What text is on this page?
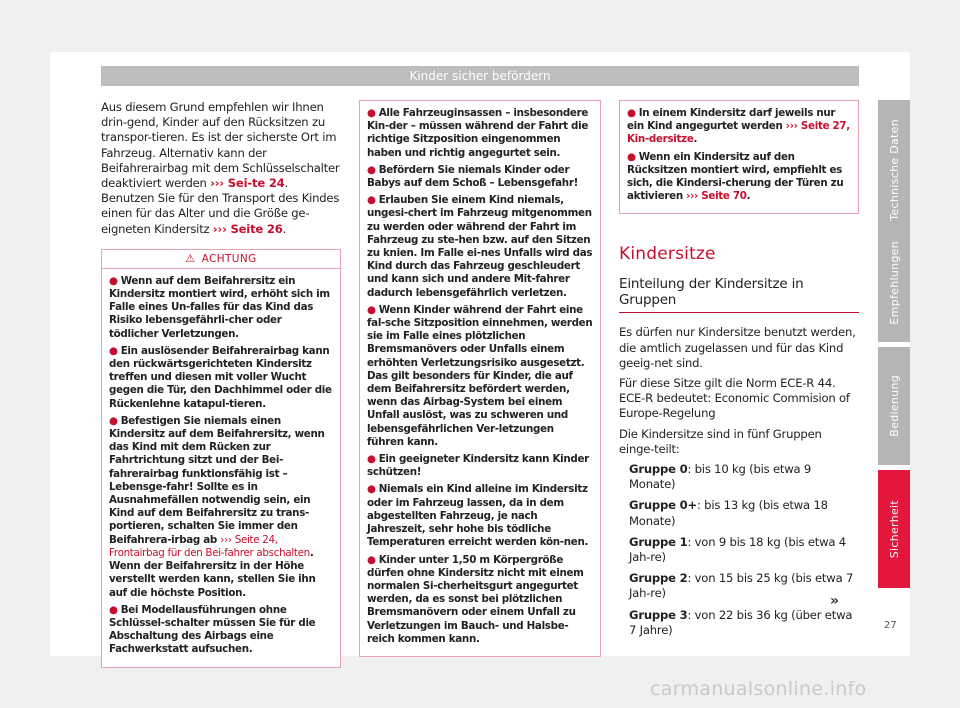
Kinder sicher befördern

Aus diesem Grund empfehlen wir Ihnen drin-gend, Kinder auf den Rücksitzen zu transpor-tieren. Es ist der sicherste Ort im Fahrzeug. Alternativ kann der Beifahrerairbag mit dem Schlüsselschalter deaktiviert werden ››› Sei-te 24. Benutzen Sie für den Transport des Kindes einen für das Alter und die Größe ge-eigneten Kindersitz ››› Seite 26.

⚠ ACHTUNG
● Wenn auf dem Beifahrersitz ein Kindersitz montiert wird, erhöht sich im Falle eines Un-falles für das Kind das Risiko lebensgefährli-cher oder tödlicher Verletzungen.
● Ein auslösender Beifahrerairbag kann den rückwärtsgerichteten Kindersitz treffen und diesen mit voller Wucht gegen die Tür, den Dachhimmel oder die Rückenlehne katapul-tieren.
● Befestigen Sie niemals einen Kindersitz auf dem Beifahrersitz, wenn das Kind mit dem Rücken zur Fahrtrichtung sitzt und der Bei-fahrerairbag funktionsfähig ist – Lebensge-fahr! Sollte es in Ausnahmefällen notwendig sein, ein Kind auf dem Beifahrersitz zu trans-portieren, schalten Sie immer den Beifahrera-irbag ab ››› Seite 24, Frontairbag für den Bei-fahrer abschalten. Wenn der Beifahrersitz in der Höhe verstellt werden kann, stellen Sie ihn auf die höchste Position.
● Bei Modellausführungen ohne Schlüssel-schalter müssen Sie für die Abschaltung des Airbags eine Fachwerkstatt aufsuchen.
● Alle Fahrzeuginsassen – insbesondere Kin-der – müssen während der Fahrt die richtige Sitzposition eingenommen haben und richtig angegurtet sein.
● Befördern Sie niemals Kinder oder Babys auf dem Schoß – Lebensgefahr!
● Erlauben Sie einem Kind niemals, ungesi-chert im Fahrzeug mitgenommen zu werden oder während der Fahrt im Fahrzeug zu ste-hen bzw. auf den Sitzen zu knien. Im Falle ei-nes Unfalls wird das Kind durch das Fahrzeug geschleudert und kann sich und andere Mit-fahrer dadurch lebensgefährlich verletzen.
● Wenn Kinder während der Fahrt eine fal-sche Sitzposition einnehmen, werden sie im Falle eines plötzlichen Bremsmanövers oder Unfalls einem erhöhten Verletzungsrisiko ausgesetzt. Das gilt besonders für Kinder, die auf dem Beifahrersitz befördert werden, wenn das Airbag-System bei einem Unfall auslöst, was zu schweren und lebensgefährlichen Ver-letzungen führen kann.
● Ein geeigneter Kindersitz kann Kinder schützen!
● Niemals ein Kind alleine im Kindersitz oder im Fahrzeug lassen, da in dem abgestellten Fahrzeug, je nach Jahreszeit, sehr hohe bis tödliche Temperaturen erreicht werden kön-nen.
● Kinder unter 1,50 m Körpergröße dürfen ohne Kindersitz nicht mit einem normalen Si-cherheitsgurt angegurtet werden, da es sonst bei plötzlichen Bremsmanövern oder einem Unfall zu Verletzungen im Bauch- und Halsbe-reich kommen kann.
● In einem Kindersitz darf jeweils nur ein Kind angegurtet werden ››› Seite 27, Kin-dersitze.
● Wenn ein Kindersitz auf den Rücksitzen montiert wird, empfiehlt es sich, die Kindersi-cherung der Türen zu aktivieren ››› Seite 70.
Kindersitze
Einteilung der Kindersitze in Gruppen

Es dürfen nur Kindersitze benutzt werden, die amtlich zugelassen und für das Kind geeig-net sind.

Für diese Sitze gilt die Norm ECE-R 44. ECE-R bedeutet: Economic Commision of Europe-Regelung

Die Kindersitze sind in fünf Gruppen einge-teilt:

Gruppe 0: bis 10 kg (bis etwa 9 Monate)
Gruppe 0+: bis 13 kg (bis etwa 18 Monate)
Gruppe 1: von 9 bis 18 kg (bis etwa 4 Jah-re)
Gruppe 2: von 15 bis 25 kg (bis etwa 7 Jah-re)
Gruppe 3: von 22 bis 36 kg (über etwa 7 Jahre)
»
Technische Daten
Empfehlungen
Bedienung
Sicherheit
27
carmanualsonline.info
